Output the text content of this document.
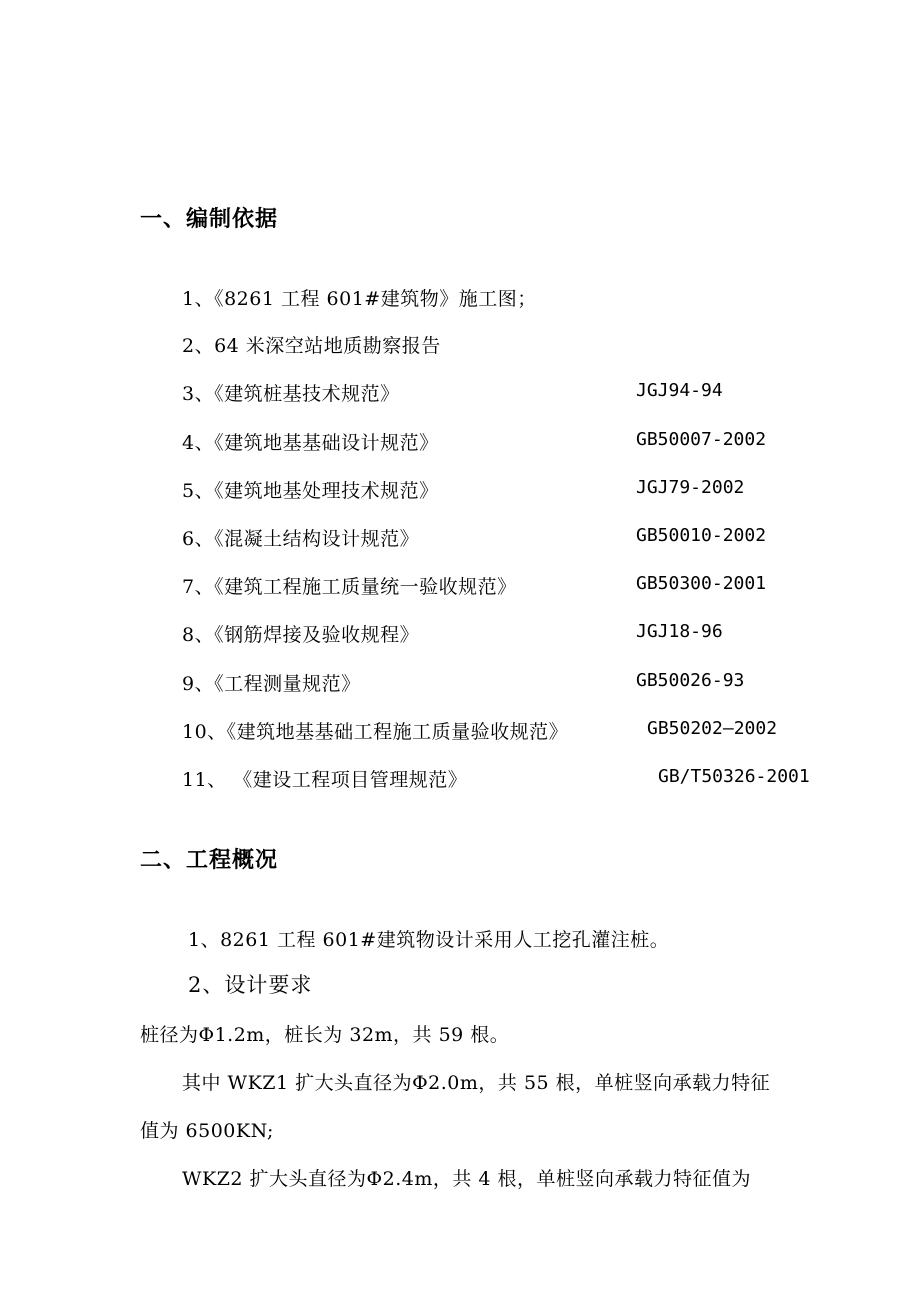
一、编制依据
1、《8261 工程 601#建筑物》施工图；
2、64 米深空站地质勘察报告
3、《建筑桩基技术规范》	JGJ94-94
4、《建筑地基基础设计规范》	GB50007-2002
5、《建筑地基处理技术规范》	JGJ79-2002
6、《混凝土结构设计规范》	GB50010-2002
7、《建筑工程施工质量统一验收规范》	GB50300-2001
8、《钢筋焊接及验收规程》	JGJ18-96
9、《工程测量规范》	GB50026-93
10、《建筑地基基础工程施工质量验收规范》	GB50202—2002
11、 《建设工程项目管理规范》	GB/T50326-2001
二、工程概况
1、8261 工程 601#建筑物设计采用人工挖孔灌注桩。
2、设计要求
桩径为Φ1.2m，桩长为 32m，共 59 根。
其中 WKZ1 扩大头直径为Φ2.0m，共 55 根，单桩竖向承载力特征
值为 6500KN;
WKZ2 扩大头直径为Φ2.4m，共 4 根，单桩竖向承载力特征值为
